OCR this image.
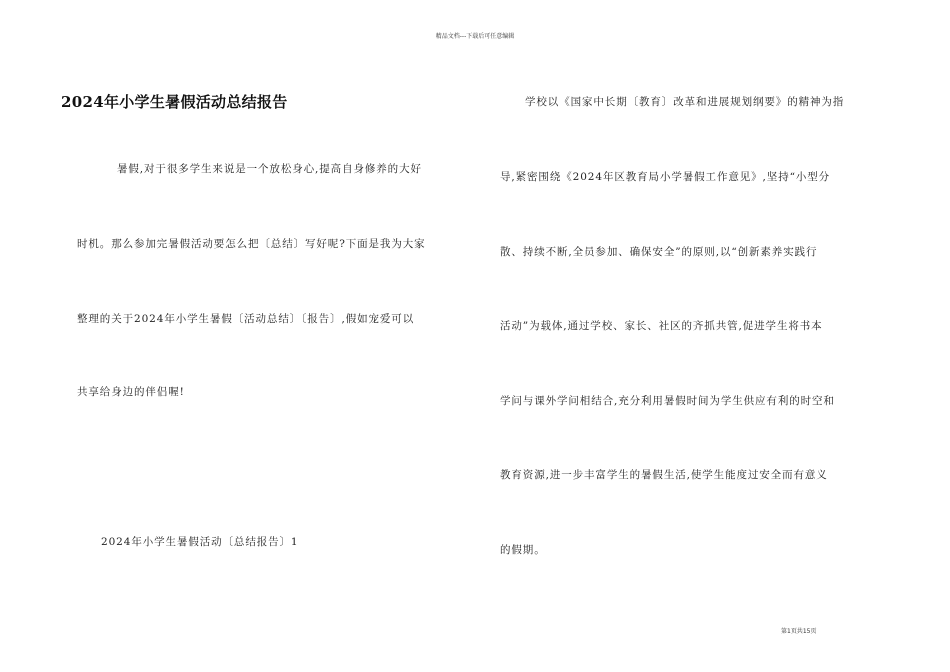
精品文档---下载后可任意编辑
2024年小学生暑假活动总结报告
暑假,对于很多学生来说是一个放松身心,提高自身修养的大好
时机。那么参加完暑假活动要怎么把〔总结〕写好呢?下面是我为大家
整理的关于2024年小学生暑假〔活动总结〕〔报告〕,假如宠爱可以
共享给身边的伴侣喔!
2024年小学生暑假活动〔总结报告〕1
学校以《国家中长期〔教育〕改革和进展规划纲要》的精神为指
导,紧密围绕《2024年区教育局小学暑假工作意见》,坚持“小型分
散、持续不断,全员参加、确保安全”的原则,以“创新素养实践行
活动”为载体,通过学校、家长、社区的齐抓共管,促进学生将书本
学问与课外学问相结合,充分利用暑假时间为学生供应有利的时空和
教育资源,进一步丰富学生的暑假生活,使学生能度过安全而有意义
的假期。
第1页共15页
